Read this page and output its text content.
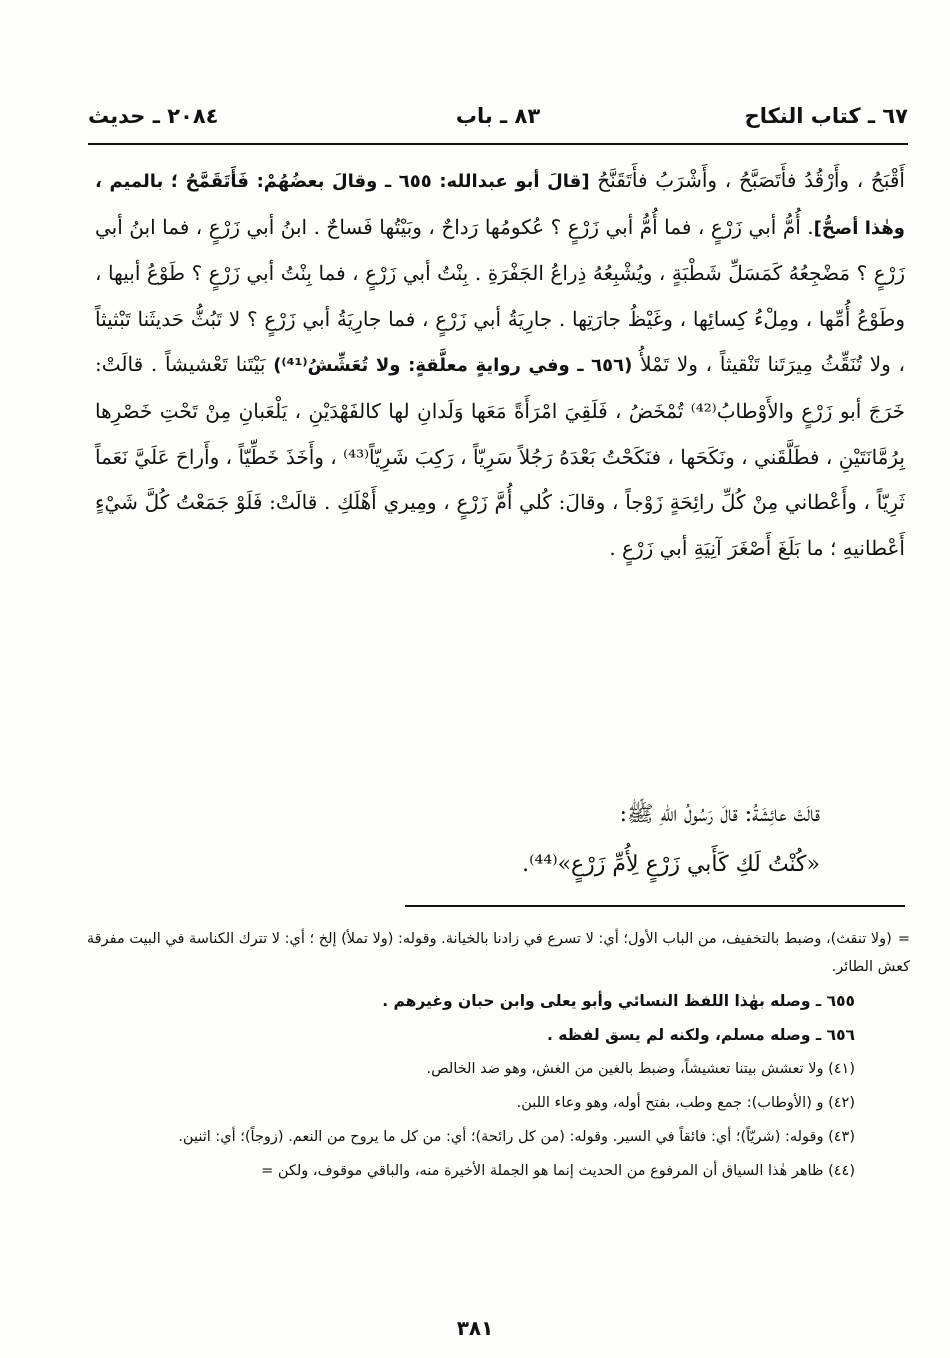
٦٧ ـ كتاب النكاح
٨٣ ـ باب
٢٠٨٤ ـ حديث

أَقْبَحُ ، وأَرْقُدُ فأَتَصَبَّحُ ، وأَشْرَبُ فأَتَقَنَّحُ [قالَ أبو عبدالله: ٦٥٥ ـ وقالَ بعضُهُمْ: فَأَتَقَمَّحُ ؛ بالميم ، وهٰذا أصحُّ]. أُمُّ أبي زَرْعٍ ، فما أُمُّ أبي زَرْعٍ ؟ عُكومُها رَداحٌ ، وبَيْتُها فَساحٌ . ابنُ أبي زَرْعٍ ، فما ابنُ أبي زَرْعٍ ؟ مَضْجِعُهُ كَمَسَلِّ شَطْبَةٍ ، ويُشْبِعُهُ ذِراعُ الجَفْرَةِ . بِنْتُ أبي زَرْعٍ ، فما بِنْتُ أبي زَرْعٍ ؟ طَوْعُ أبيها ، وطَوْعُ أُمِّها ، ومِلْءُ كِسائِها ، وغَيْظُ جارَتِها . جارِيَةُ أبي زَرْعٍ ، فما جارِيَةُ أبي زَرْعٍ ؟ لا تَبُثُّ حَديثَنا تَبْثيثاً ، ولا تُنَقِّثُ مِيرَتَنا تَنْقيثاً ، ولا تَمْلأُ (٦٥٦ ـ وفي روايةٍ معلَّقةٍ: ولا تُعَشِّشُ⁽⁴¹⁾) بَيْتَنا تَعْشيشاً . قالَتْ: خَرَجَ أبو زَرْعٍ والأَوْطابُ⁽⁴²⁾ تُمْخَضُ ، فَلَقِيَ امْرَأَةً مَعَها وَلَدانِ لها كالفَهْدَيْنِ ، يَلْعَبانِ مِنْ تَحْتِ خَصْرِها بِرُمَّانَتَيْنِ ، فطَلَّقَني ، ونَكَحَها ، فنَكَحْتُ بَعْدَهُ رَجُلاً سَرِيّاً ، رَكِبَ شَرِيّاً⁽⁴³⁾ ، وأَخَذَ خَطِّيّاً ، وأَراحَ عَلَيَّ نَعَماً ثَرِيّاً ، وأَعْطاني مِنْ كُلِّ رائِحَةٍ زَوْجاً ، وقالَ: كُلي أُمَّ زَرْعٍ ، ومِيري أَهْلَكِ . قالَتْ: فَلَوْ جَمَعْتُ كُلَّ شَيْءٍ أَعْطانيهِ ؛ ما بَلَغَ أَصْغَرَ آنِيَةِ أبي زَرْعٍ .

قالَتْ عائِشَةُ: قالَ رَسُولُ اللهِ ﷺ:
«كُنْتُ لَكِ كَأَبي زَرْعٍ لِأُمِّ زَرْعٍ»⁽⁴⁴⁾.

=(ولا تنقث)، وضبط بالتخفيف، من الباب الأول؛ أي: لا تسرع في زادنا بالخيانة. وقوله: (ولا تملأ) إلخ ؛ أي: لا تترك الكناسة في البيت مفرقة كعش الطائر.

٦٥٥ ـ وصله بهٰذا اللفظ النسائي وأبو يعلى وابن حبان وغيرهم .

٦٥٦ ـ وصله مسلم، ولكنه لم يسق لفظه .

(٤١) ولا تعشش بيتنا تعشيشاً، وضبط بالغين من الغش، وهو ضد الخالص.

(٤٢) و (الأوطاب): جمع وطب، بفتح أوله، وهو وعاء اللبن.

(٤٣) وقوله: (شريّاً)؛ أي: فائقاً في السير. وقوله: (من كل رائحة)؛ أي: من كل ما يروح من النعم. (زوجاً)؛ أي: اثنين.

(٤٤) ظاهر هٰذا السياق أن المرفوع من الحديث إنما هو الجملة الأخيرة منه، والباقي موقوف، ولكن =

٣٨١
